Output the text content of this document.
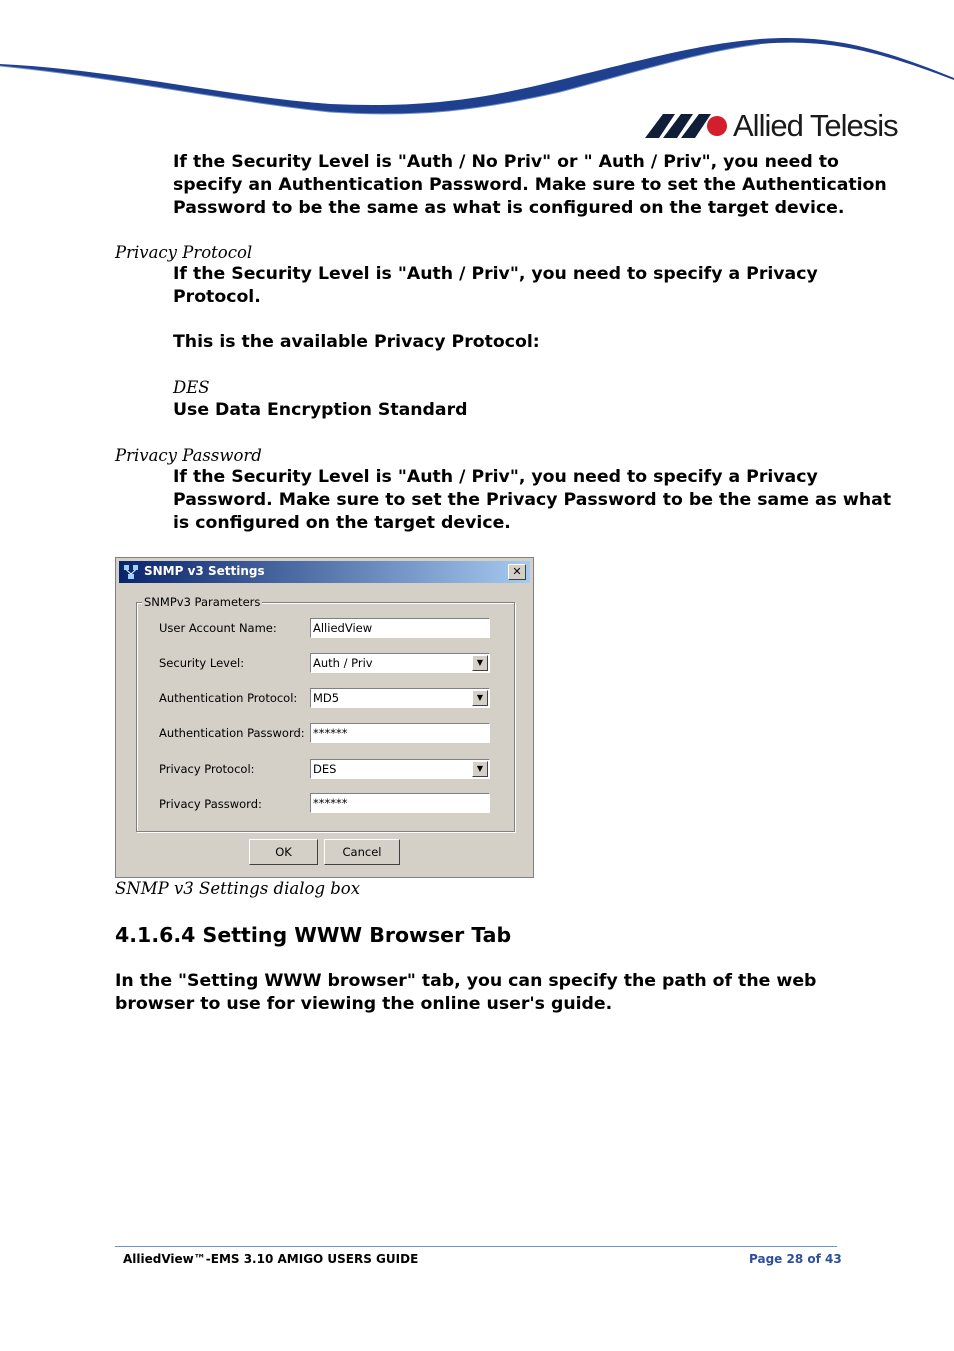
Allied Telesis

If the Security Level is "Auth / No Priv" or " Auth / Priv", you need to

specify an Authentication Password. Make sure to set the Authentication

Password to be the same as what is configured on the target device.

Privacy Protocol

If the Security Level is "Auth / Priv", you need to specify a Privacy

Protocol.

This is the available Privacy Protocol:

DES

Use Data Encryption Standard

Privacy Password

If the Security Level is "Auth / Priv", you need to specify a Privacy

Password. Make sure to set the Privacy Password to be the same as what

is configured on the target device.

SNMP v3 Settings	✕
SNMPv3 Parameters
User Account Name:	AlliedView
Security Level:	Auth / Priv	▼
Authentication Protocol: MD5	▼
Authentication Password: ******
Privacy Protocol:	DES	▼
Privacy Password:	******
OK	Cancel

SNMP v3 Settings dialog box

4.1.6.4 Setting WWW Browser Tab

In the "Setting WWW browser" tab, you can specify the path of the web

browser to use for viewing the online user's guide.

AlliedView™-EMS 3.10 AMIGO USERS GUIDE	Page 28 of 43
